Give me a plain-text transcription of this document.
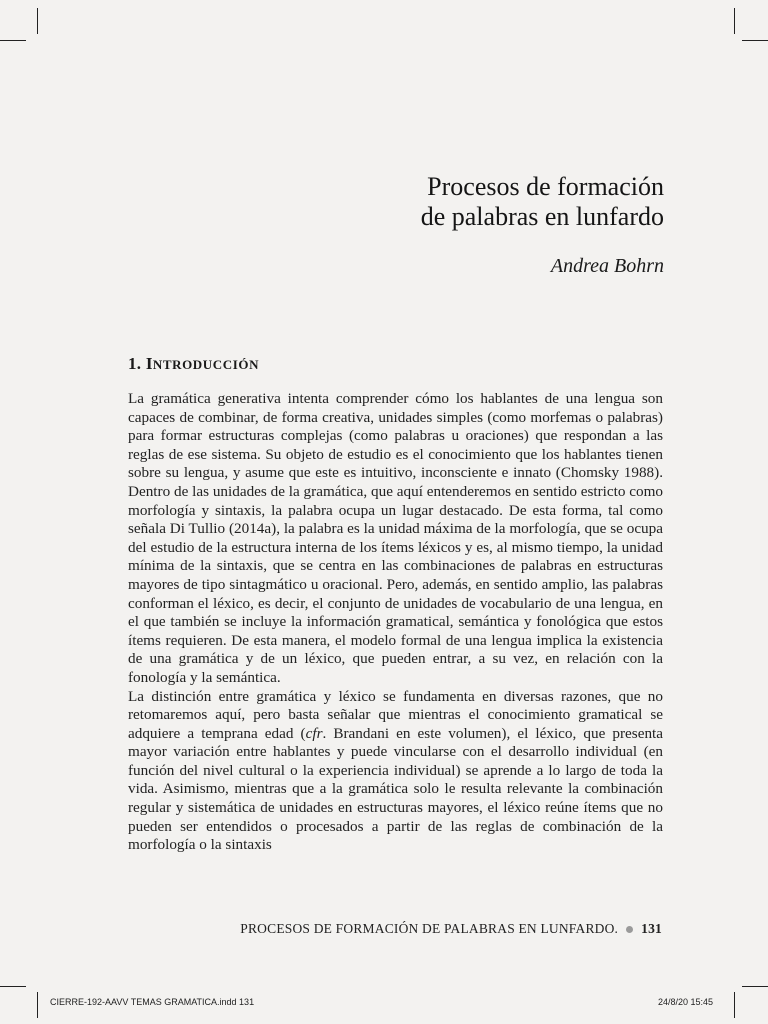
Procesos de formación
de palabras en lunfardo
Andrea Bohrn
1. INTRODUCCIÓN

La gramática generativa intenta comprender cómo los hablantes de una lengua son capaces de combinar, de forma creativa, unidades simples (como morfemas o palabras) para formar estructuras complejas (como palabras u oraciones) que respondan a las reglas de ese sistema. Su objeto de estudio es el conocimiento que los hablantes tienen sobre su lengua, y asume que este es intuitivo, inconsciente e innato (Chomsky 1988). Dentro de las unidades de la gramática, que aquí entenderemos en sentido estricto como morfología y sintaxis, la palabra ocupa un lugar destacado. De esta forma, tal como señala Di Tullio (2014a), la palabra es la unidad máxima de la morfología, que se ocupa del estudio de la estructura interna de los ítems léxicos y es, al mismo tiempo, la unidad mínima de la sintaxis, que se centra en las combinaciones de palabras en estructuras mayores de tipo sintagmático u oracional. Pero, además, en sentido amplio, las palabras conforman el léxico, es decir, el conjunto de unidades de vocabulario de una lengua, en el que también se incluye la información gramatical, semántica y fonológica que estos ítems requieren. De esta manera, el modelo formal de una lengua implica la existencia de una gramática y de un léxico, que pueden entrar, a su vez, en relación con la fonología y la semántica.

La distinción entre gramática y léxico se fundamenta en diversas razones, que no retomaremos aquí, pero basta señalar que mientras el conocimiento gramatical se adquiere a temprana edad (cfr. Brandani en este volumen), el léxico, que presenta mayor variación entre hablantes y puede vincularse con el desarrollo individual (en función del nivel cultural o la experiencia individual) se aprende a lo largo de toda la vida. Asimismo, mientras que a la gramática solo le resulta relevante la combinación regular y sistemática de unidades en estructuras mayores, el léxico reúne ítems que no pueden ser entendidos o procesados a partir de las reglas de combinación de la morfología o la sintaxis

PROCESOS DE FORMACIÓN DE PALABRAS EN LUNFARDO. 131
CIERRE-192-AAVV TEMAS GRAMATICA.indd 131	24/8/20 15:45
